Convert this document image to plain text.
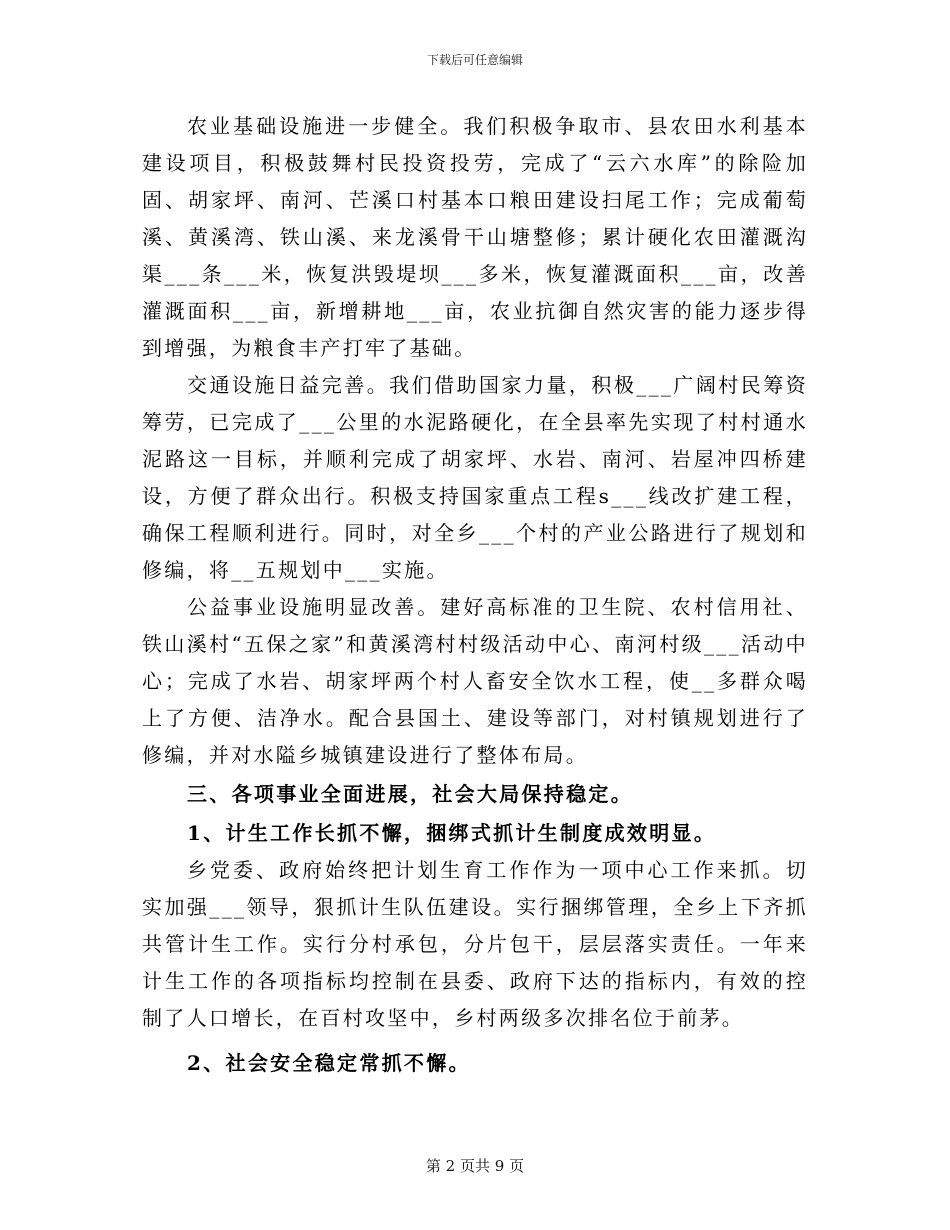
下载后可任意编辑

农业基础设施进一步健全。我们积极争取市、县农田水利基本建设项目，积极鼓舞村民投资投劳，完成了“云六水库”的除险加固、胡家坪、南河、芒溪口村基本口粮田建设扫尾工作；完成葡萄溪、黄溪湾、铁山溪、来龙溪骨干山塘整修；累计硬化农田灌溉沟渠___条___米，恢复洪毁堤坝___多米，恢复灌溉面积___亩，改善灌溉面积___亩，新增耕地___亩，农业抗御自然灾害的能力逐步得到增强，为粮食丰产打牢了基础。

交通设施日益完善。我们借助国家力量，积极___广阔村民筹资筹劳，已完成了___公里的水泥路硬化，在全县率先实现了村村通水泥路这一目标，并顺利完成了胡家坪、水岩、南河、岩屋冲四桥建设，方便了群众出行。积极支持国家重点工程s___线改扩建工程，确保工程顺利进行。同时，对全乡___个村的产业公路进行了规划和修编，将__五规划中___实施。

公益事业设施明显改善。建好高标准的卫生院、农村信用社、铁山溪村“五保之家”和黄溪湾村村级活动中心、南河村级___活动中心；完成了水岩、胡家坪两个村人畜安全饮水工程，使__多群众喝上了方便、洁净水。配合县国土、建设等部门，对村镇规划进行了修编，并对水隘乡城镇建设进行了整体布局。

三、各项事业全面进展，社会大局保持稳定。

1、计生工作长抓不懈，捆绑式抓计生制度成效明显。

乡党委、政府始终把计划生育工作作为一项中心工作来抓。切实加强___领导，狠抓计生队伍建设。实行捆绑管理，全乡上下齐抓共管计生工作。实行分村承包，分片包干，层层落实责任。一年来计生工作的各项指标均控制在县委、政府下达的指标内，有效的控制了人口增长，在百村攻坚中，乡村两级多次排名位于前茅。

2、社会安全稳定常抓不懈。

第 2 页共 9 页
